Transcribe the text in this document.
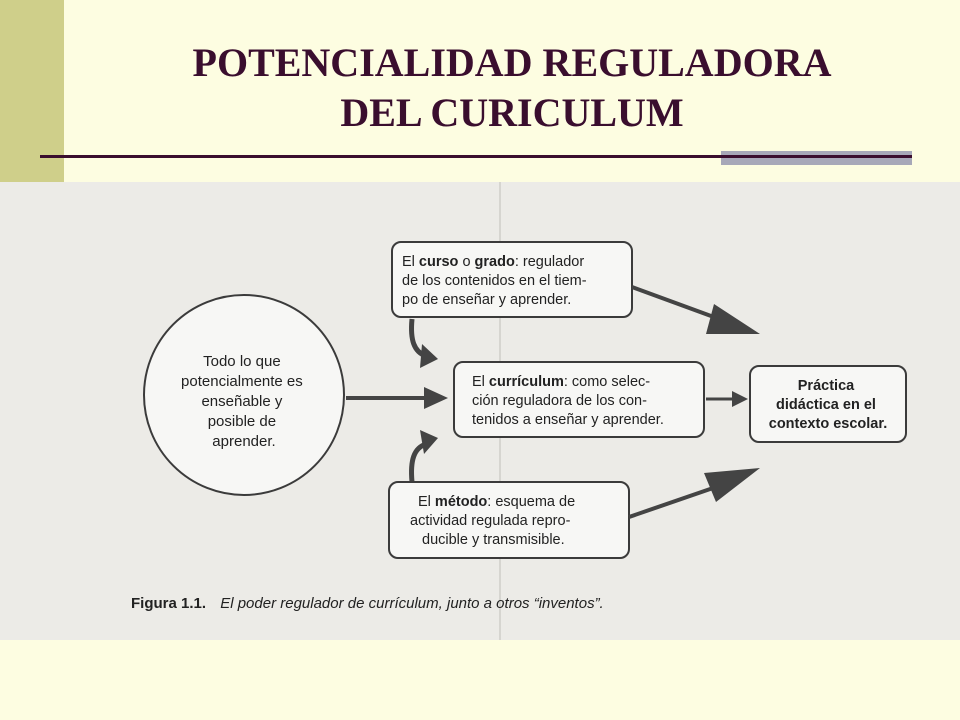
POTENCIALIDAD REGULADORA
DEL CURICULUM
Todo lo que potencialmente es enseñable y posible de aprender.
El curso o grado: regulador de los contenidos en el tiem- po de enseñar y aprender.
El currículum: como selec- ción reguladora de los con- tenidos a enseñar y aprender.
Práctica didáctica en el contexto escolar.
El método: esquema de actividad regulada repro- ducible y transmisible.
Figura 1.1. El poder regulador de currículum, junto a otros “inventos”.
